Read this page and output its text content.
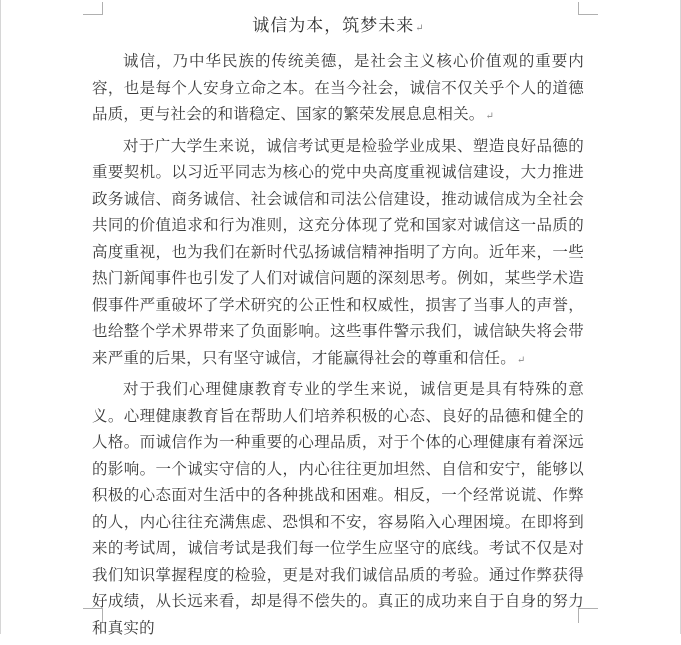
诚信为本，筑梦未来↵

诚信，乃中华民族的传统美德，是社会主义核心价值观的重要内容，也是每个人安身立命之本。在当今社会，诚信不仅关乎个人的道德品质，更与社会的和谐稳定、国家的繁荣发展息息相关。↵

对于广大学生来说，诚信考试更是检验学业成果、塑造良好品德的重要契机。以习近平同志为核心的党中央高度重视诚信建设，大力推进政务诚信、商务诚信、社会诚信和司法公信建设，推动诚信成为全社会共同的价值追求和行为准则，这充分体现了党和国家对诚信这一品质的高度重视，也为我们在新时代弘扬诚信精神指明了方向。近年来，一些热门新闻事件也引发了人们对诚信问题的深刻思考。例如，某些学术造假事件严重破坏了学术研究的公正性和权威性，损害了当事人的声誉，也给整个学术界带来了负面影响。这些事件警示我们，诚信缺失将会带来严重的后果，只有坚守诚信，才能赢得社会的尊重和信任。↵

对于我们心理健康教育专业的学生来说，诚信更是具有特殊的意义。心理健康教育旨在帮助人们培养积极的心态、良好的品德和健全的人格。而诚信作为一种重要的心理品质，对于个体的心理健康有着深远的影响。一个诚实守信的人，内心往往更加坦然、自信和安宁，能够以积极的心态面对生活中的各种挑战和困难。相反，一个经常说谎、作弊的人，内心往往充满焦虑、恐惧和不安，容易陷入心理困境。在即将到来的考试周，诚信考试是我们每一位学生应坚守的底线。考试不仅是对我们知识掌握程度的检验，更是对我们诚信品质的考验。通过作弊获得好成绩，从长远来看，却是得不偿失的。真正的成功来自于自身的努力和真实的
